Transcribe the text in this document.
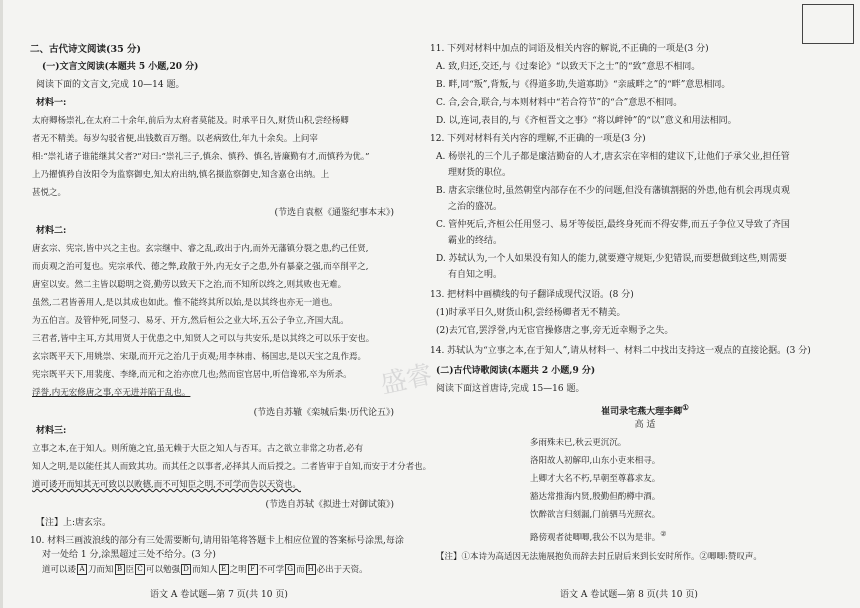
二、古代诗文阅读(35 分)
(一)文言文阅读(本题共 5 小题,20 分)
阅读下面的文言文,完成 10—14 题。
材料一:
太府卿杨崇礼,在太府二十余年,前后为太府者莫能及。时承平日久,财货山积,尝经杨卿
者无不精美。每岁勾驳省便,出钱数百万缗。以老病致仕,年九十余矣。上问宰
相:“崇礼诸子谁能继其父者?”对曰:“崇礼三子,慎余、慎矜、慎名,皆廉勤有才,而慎矜为优。”
上乃擢慎矜自汝阳令为监察御史,知太府出纳,慎名摄监察御史,知含嘉仓出纳。上
甚悦之。
(节选自袁枢《通鉴纪事本末》)
材料二:
唐玄宗、宪宗,皆中兴之主也。玄宗继中、睿之乱,政出于内,而外无藩镇分裂之患,约己任贤,
而贞观之治可复也。宪宗承代、德之弊,政散于外,内无女子之患,外有暴豪之强,而卒削平之,
唐室以安。然二主皆以聪明之资,勤劳以致天下之治,而不知所以终之,则其败也无难。
虽然,二君皆善用人,是以其成也如此。惟不能终其所以始,是以其终也亦无一道也。
为五伯言。及管仲死,同竖刁、易牙、开方,然后桓公之业大坏,五公子争立,齐国大乱。
三君者,皆中主耳,方其用贤人于优患之中,知贤人之可以与共安乐,是以其终之可以乐于安也。
玄宗既平天下,用姚崇、宋璟,而开元之治几于贞观;用李林甫、杨国忠,是以天宝之乱作焉。
宪宗既平天下,用裴度、李绛,而元和之治亦庶几也;然而宦官居中,听信谗邪,卒为所杀。
浮誉,内无宏修唐之事,卒无进并陷于乱也。
(节选自苏辙《栾城后集·历代论五》)
材料三:
立事之本,在于知人。则所施之宜,虽无赖于大臣之知人与否耳。古之欲立非常之功者,必有
知人之明,是以能任其人而致其功。而其任之以事者,必择其人而后授之。二者皆审于自知,而安于才分者也。
道可诿开而知其无可致以以败德,而不可知臣之明,不可学而告以天资也。
(节选自苏轼《拟进士对御试策》)
【注】上:唐玄宗。
10. 材料三画波浪线的部分有三处需要断句,请用铅笔将答题卡上相应位置的答案标号涂黑,每涂
对一处给 1 分,涂黑超过三处不给分。(3 分)
道可以诿 A 刀而知 B 臣 C 可以勉强 D 而知人 E 之明 F 不可学 G 而 H 必出于天资。
语文 A 卷试题—第 7 页(共 10 页)
11. 下列对材料中加点的词语及相关内容的解说,不正确的一项是(3 分)
A. 致,归还,交还,与《过秦论》“以致天下之士”的“致”意思不相同。
B. 畔,同“叛”,背叛,与《得道多助,失道寡助》“亲戚畔之”的“畔”意思相同。
C. 合,会合,联合,与本则材料中“若合符节”的“合”意思不相同。
D. 以,连词,表目的,与《齐桓晋文之事》“将以衅钟”的“以”意义和用法相同。
12. 下列对材料有关内容的理解,不正确的一项是(3 分)
A. 杨崇礼的三个儿子都是廉洁勤奋的人才,唐玄宗在宰相的建议下,让他们子承父业,担任管
理财货的职位。
B. 唐玄宗继位时,虽然朝堂内部存在不少的问题,但没有藩镇割据的外患,他有机会再现贞观
之治的盛况。
C. 管仲死后,齐桓公任用竖刁、易牙等佞臣,最终身死而不得安葬,而五子争位又导致了齐国
霸业的终结。
D. 苏轼认为,一个人如果没有知人的能力,就要遵守规矩,少犯错误,而要想做到这些,则需要
有自知之明。
13. 把材料中画横线的句子翻译成现代汉语。(8 分)
(1)时承平日久,财货山积,尝经杨卿者无不精美。
(2)去冗官,罢浮誉,内无宦官操修唐之事,旁无近幸赐予之失。
14. 苏轼认为“立事之本,在于知人”,请从材料一、材料二中找出支持这一观点的直接论据。(3 分)
(二)古代诗歌阅读(本题共 2 小题,9 分)
阅读下面这首唐诗,完成 15—16 题。
崔司录宅燕大理李卿①
高 适
多雨殊未已,秋云更沉沉。
洛阳故人初解印,山东小吏来相寻。
上卿才大名不朽,早朝至尊暮求友。
豁达常推海内贤,殷勤但酌樽中酒。
饮醉欲言归刻漏,门前驷马光照衣。
路傍观者徒唧唧,我公不以为是非。②
【注】①本诗为高适因无法施展抱负而辞去封丘尉后来到长安时所作。②唧唧:赞叹声。
语文 A 卷试题—第 8 页(共 10 页)
盛睿
